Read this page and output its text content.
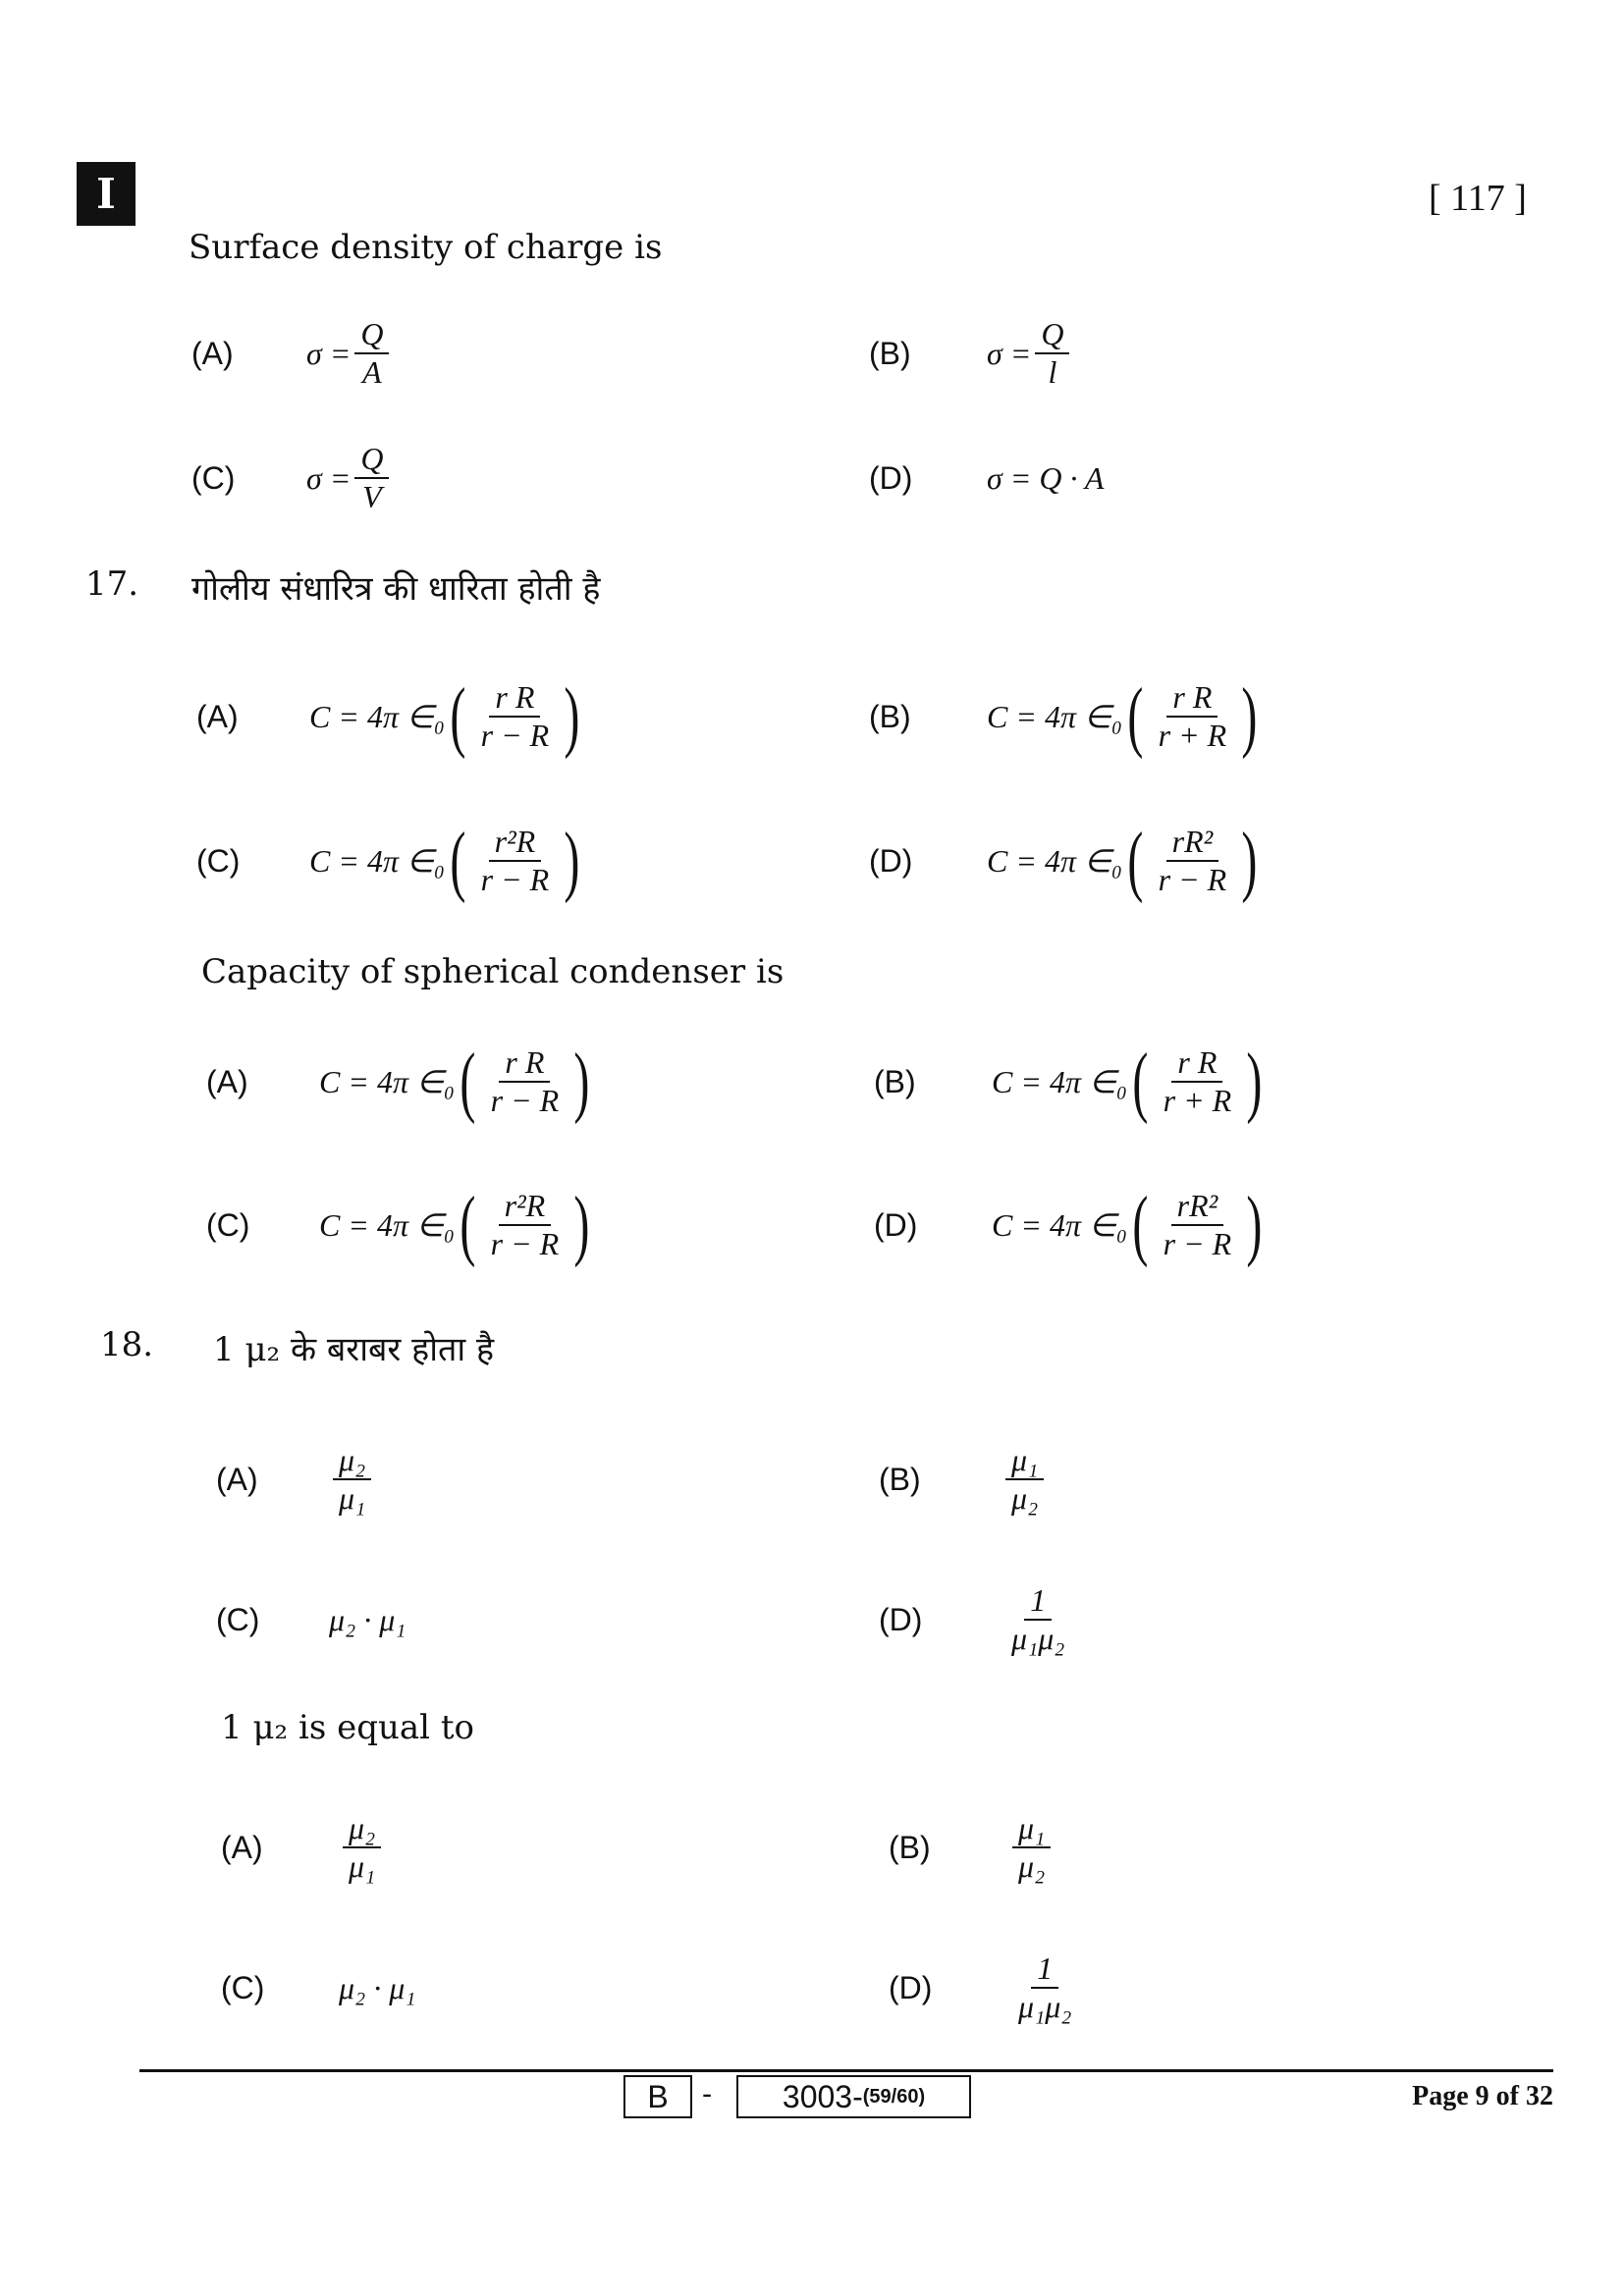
I	[ 117 ]
Surface density of charge is
(A)	$\sigma = \frac{Q}{A}$	(B)	$\sigma = \frac{Q}{l}$
(C)	$\sigma = \frac{Q}{V}$	(D)	σ = Q · A
17. गोलीय संधारित्र की धारिता होती है
(A)	C = 4π ∈₀ ( $\frac{\text{r R}}{r - R}$ )	(B)	C = 4π ∈₀ ( $\frac{\text{r R}}{r + R}$ )
(C)	C = 4π ∈₀ ( $\frac{\text{r²R}}{r - R}$ )	(D)	C = 4π ∈₀ ( $\frac{\text{rR²}}{r - R}$ )
Capacity of spherical condenser is
(A)	C = 4π ∈₀ ( $\frac{\text{r R}}{r - R}$ )	(B)	C = 4π ∈₀ ( $\frac{\text{r R}}{r + R}$ )
(C)	C = 4π ∈₀ ( $\frac{\text{r²R}}{r - R}$ )	(D)	C = 4π ∈₀ ( $\frac{\text{rR²}}{r - R}$ )
18. 1 μ₂ के बराबर होता है
(A)	$\frac{\text{μ₂}}{\text{μ₁}}$	(B)	$\frac{\text{μ₁}}{\text{μ₂}}$
(C)	μ₂ · μ₁	(D)	$\frac{1}{\text{μ₁μ₂}}$
1 μ₂ is equal to
(A)	$\frac{\text{μ₂}}{\text{μ₁}}$	(B)	$\frac{\text{μ₁}}{\text{μ₂}}$
(C)	μ₂ · μ₁	(D)	$\frac{1}{\text{μ₁μ₂}}$
B	- 3003- (59/60)	Page 9 of 32
